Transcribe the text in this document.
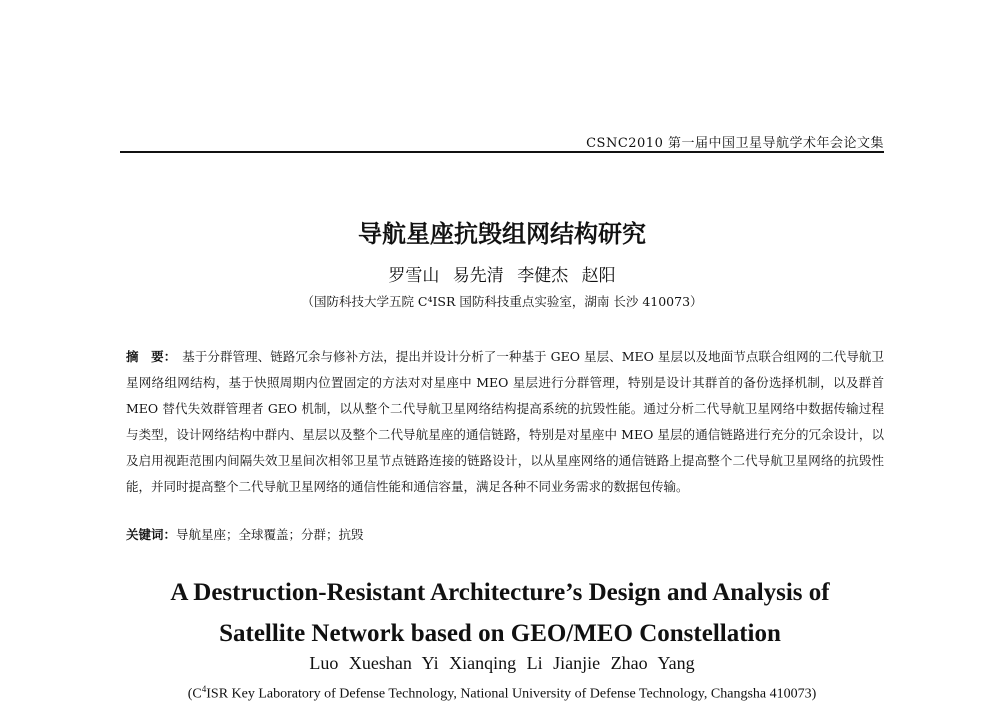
CSNC2010 第一届中国卫星导航学术年会论文集
导航星座抗毁组网结构研究
罗雪山 易先清 李健杰 赵阳
（国防科技大学五院 C⁴ISR 国防科技重点实验室，湖南 长沙 410073）
摘　要： 基于分群管理、链路冗余与修补方法，提出并设计分析了一种基于 GEO 星层、MEO 星层以及地面节点联合组网的二代导航卫星网络组网结构，基于快照周期内位置固定的方法对对星座中 MEO 星层进行分群管理，特别是设计其群首的备份选择机制，以及群首 MEO 替代失效群管理者 GEO 机制，以从整个二代导航卫星网络结构提高系统的抗毁性能。通过分析二代导航卫星网络中数据传输过程与类型，设计网络结构中群内、星层以及整个二代导航星座的通信链路，特别是对星座中 MEO 星层的通信链路进行充分的冗余设计，以及启用视距范围内间隔失效卫星间次相邻卫星节点链路连接的链路设计，以从星座网络的通信链路上提高整个二代导航卫星网络的抗毁性能，并同时提高整个二代导航卫星网络的通信性能和通信容量，满足各种不同业务需求的数据包传输。
关键词：导航星座；全球覆盖；分群；抗毁
A Destruction-Resistant Architecture’s Design and Analysis of
Satellite Network based on GEO/MEO Constellation
Luo Xueshan Yi Xianqing Li Jianjie Zhao Yang
($C^4ISR$ Key Laboratory of Defense Technology, National University of Defense Technology, Changsha 410073)
